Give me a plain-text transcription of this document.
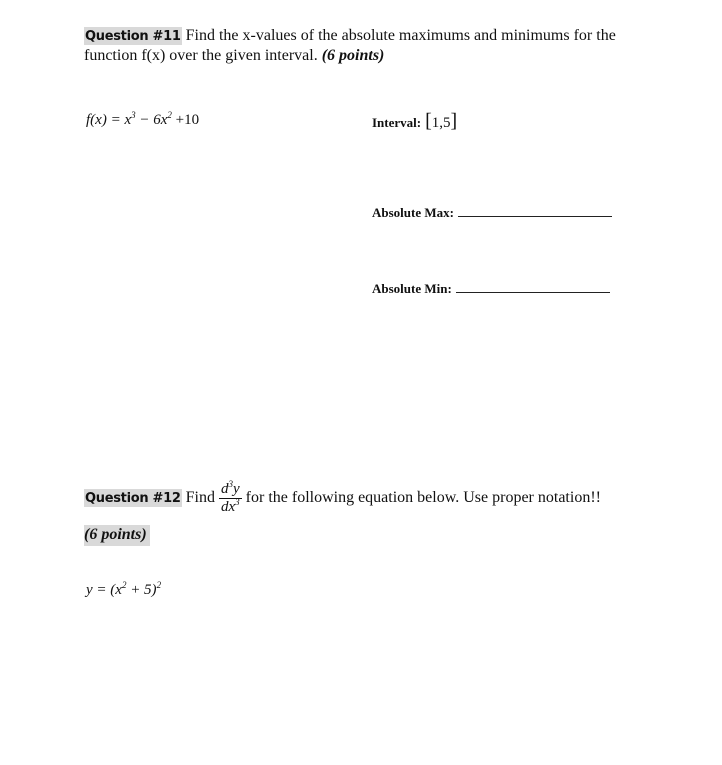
Question #11 Find the x-values of the absolute maximums and minimums for the
function f(x) over the given interval. (6 points)
$f(x) = x^3 - 6x^2 +10$	Interval: [1,5]
Absolute Max:
Absolute Min:
Question #12 Find $\frac{d^3y}{dx^3}$ for the following equation below. Use proper notation!!
(6 points)
$y = (x^2 + 5)^2$
